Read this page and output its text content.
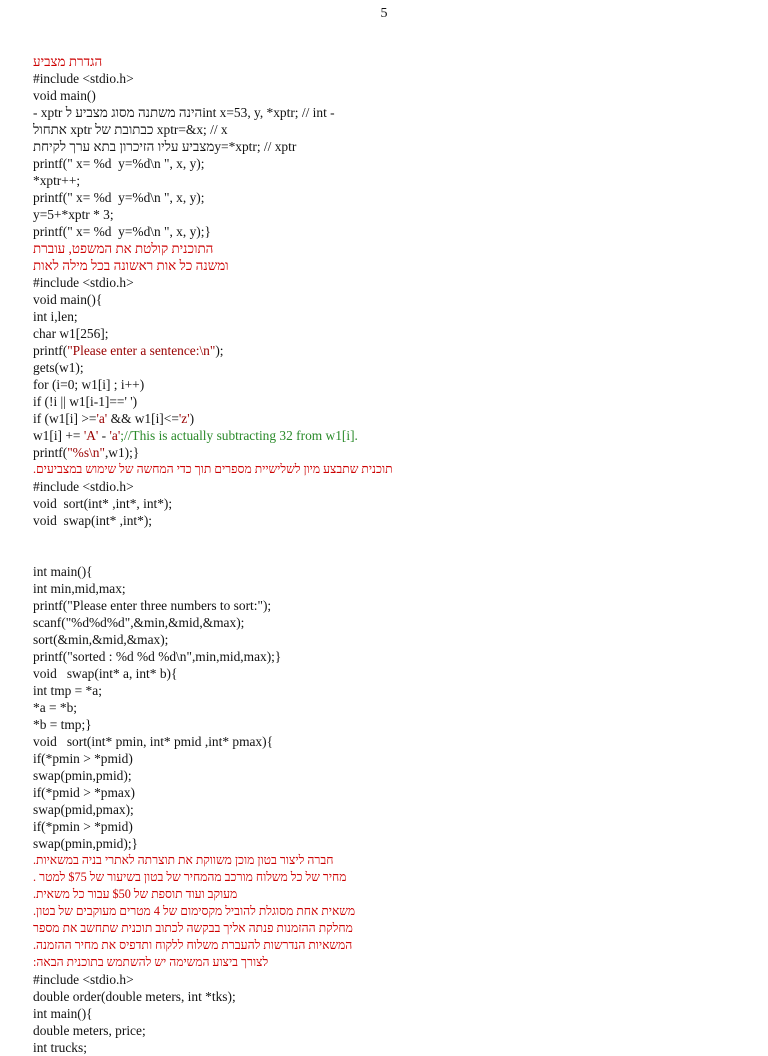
5
הגדרת מצביע
#include <stdio.h>
void main()
- xptr הינה משתנה מסוג מצביע לint x=53, y, *xptr; // int -
אתחול xptr כבתובת של xptr=&x; // x
מצביע עליו הזיכרון בתא ערך לקיחתy=*xptr; // xptr
printf(" x= %d  y=%d\n ", x, y);
*xptr++;
printf(" x= %d  y=%d\n ", x, y);
y=5+*xptr * 3;
printf(" x= %d  y=%d\n ", x, y);}
התוכנית קולטת את המשפט, עוברת
ומשנה כל אות ראשונה בכל מילה לאות
#include <stdio.h>
void main(){
int i,len;
char w1[256];
printf("Please enter a sentence:\n");
gets(w1);
for (i=0; w1[i] ; i++)
if (!i || w1[i-1]==' ')
if (w1[i] >='a' && w1[i]<='z')
w1[i] += 'A' - 'a';//This is actually subtracting 32 from w1[i].
printf("%s\n",w1);}
תוכנית שתבצע מיון לשלישיית מספרים תוך כדי המחשה של שימוש במצביעים.
#include <stdio.h>
void  sort(int* ,int*, int*);
void  swap(int* ,int*);
int main(){
int min,mid,max;
printf("Please enter three numbers to sort:");
scanf("%d%d%d",&min,&mid,&max);
sort(&min,&mid,&max);
printf("sorted : %d %d %d\n",min,mid,max);}
void   swap(int* a, int* b){
int tmp = *a;
*a = *b;
*b = tmp;}
void   sort(int* pmin, int* pmid ,int* pmax){
if(*pmin > *pmid)
swap(pmin,pmid);
if(*pmid > *pmax)
swap(pmid,pmax);
if(*pmin > *pmid)
swap(pmin,pmid);}
חברה ליצור בטון מוכן משווקת את תוצרתה לאתרי בניה במשאיות.
מחיר של כל משלוח מורכב מהמחיר של בטון בשיעור של $75 למטר .
מעוקב ועוד תוספת של $50 עבור כל משאית.
משאית אחת מסוגלת להוביל מקסימום של 4 מטרים מעוקבים של בטון.
מחלקת ההזמנות פנתה אליך בבקשה לכתוב תוכנית שתחשב את מספר
המשאיות הנדרשות להעברת משלוח ללקוח ותדפיס את מחיר ההזמנה.
לצורך ביצוע המשימה יש להשתמש בתוכנית הבאה:
#include <stdio.h>
double order(double meters, int *tks);
int main(){
double meters, price;
int trucks;
